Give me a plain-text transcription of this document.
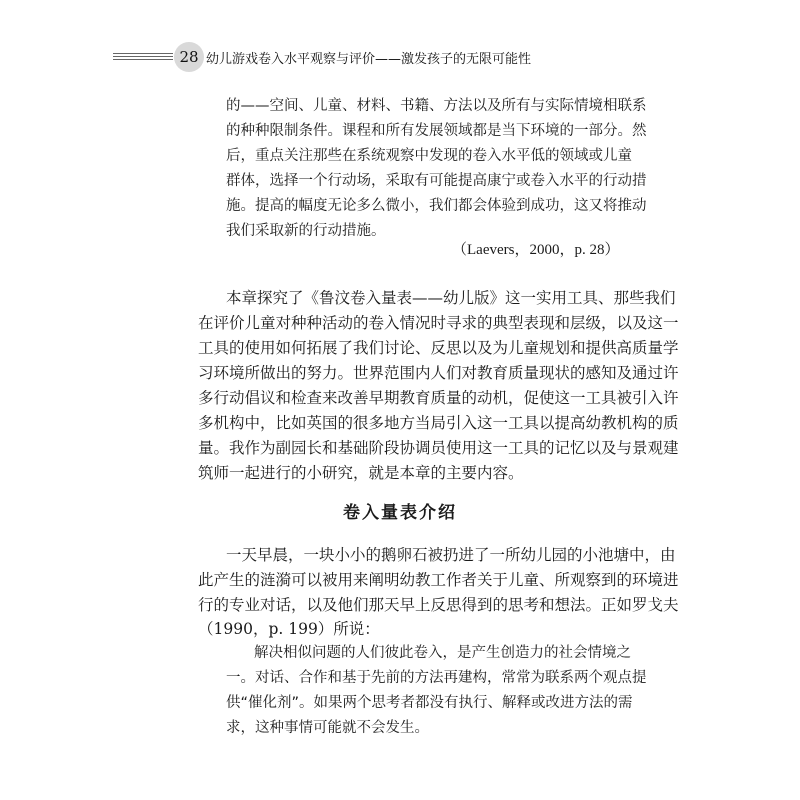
28 幼儿游戏卷入水平观察与评价——激发孩子的无限可能性
的——空间、儿童、材料、书籍、方法以及所有与实际情境相联系
的种种限制条件。课程和所有发展领域都是当下环境的一部分。然
后，重点关注那些在系统观察中发现的卷入水平低的领域或儿童
群体，选择一个行动场，采取有可能提高康宁或卷入水平的行动措
施。提高的幅度无论多么微小，我们都会体验到成功，这又将推动
我们采取新的行动措施。
（Laevers，2000，p. 28）
本章探究了《鲁汶卷入量表——幼儿版》这一实用工具、那些我们
在评价儿童对种种活动的卷入情况时寻求的典型表现和层级，以及这一
工具的使用如何拓展了我们讨论、反思以及为儿童规划和提供高质量学
习环境所做出的努力。世界范围内人们对教育质量现状的感知及通过许
多行动倡议和检查来改善早期教育质量的动机，促使这一工具被引入许
多机构中，比如英国的很多地方当局引入这一工具以提高幼教机构的质
量。我作为副园长和基础阶段协调员使用这一工具的记忆以及与景观建
筑师一起进行的小研究，就是本章的主要内容。
卷入量表介绍
一天早晨，一块小小的鹅卵石被扔进了一所幼儿园的小池塘中，由
此产生的涟漪可以被用来阐明幼教工作者关于儿童、所观察到的环境进
行的专业对话，以及他们那天早上反思得到的思考和想法。正如罗戈夫
（1990，p. 199）所说：
解决相似问题的人们彼此卷入，是产生创造力的社会情境之
一。对话、合作和基于先前的方法再建构，常常为联系两个观点提
供“催化剂”。如果两个思考者都没有执行、解释或改进方法的需
求，这种事情可能就不会发生。
